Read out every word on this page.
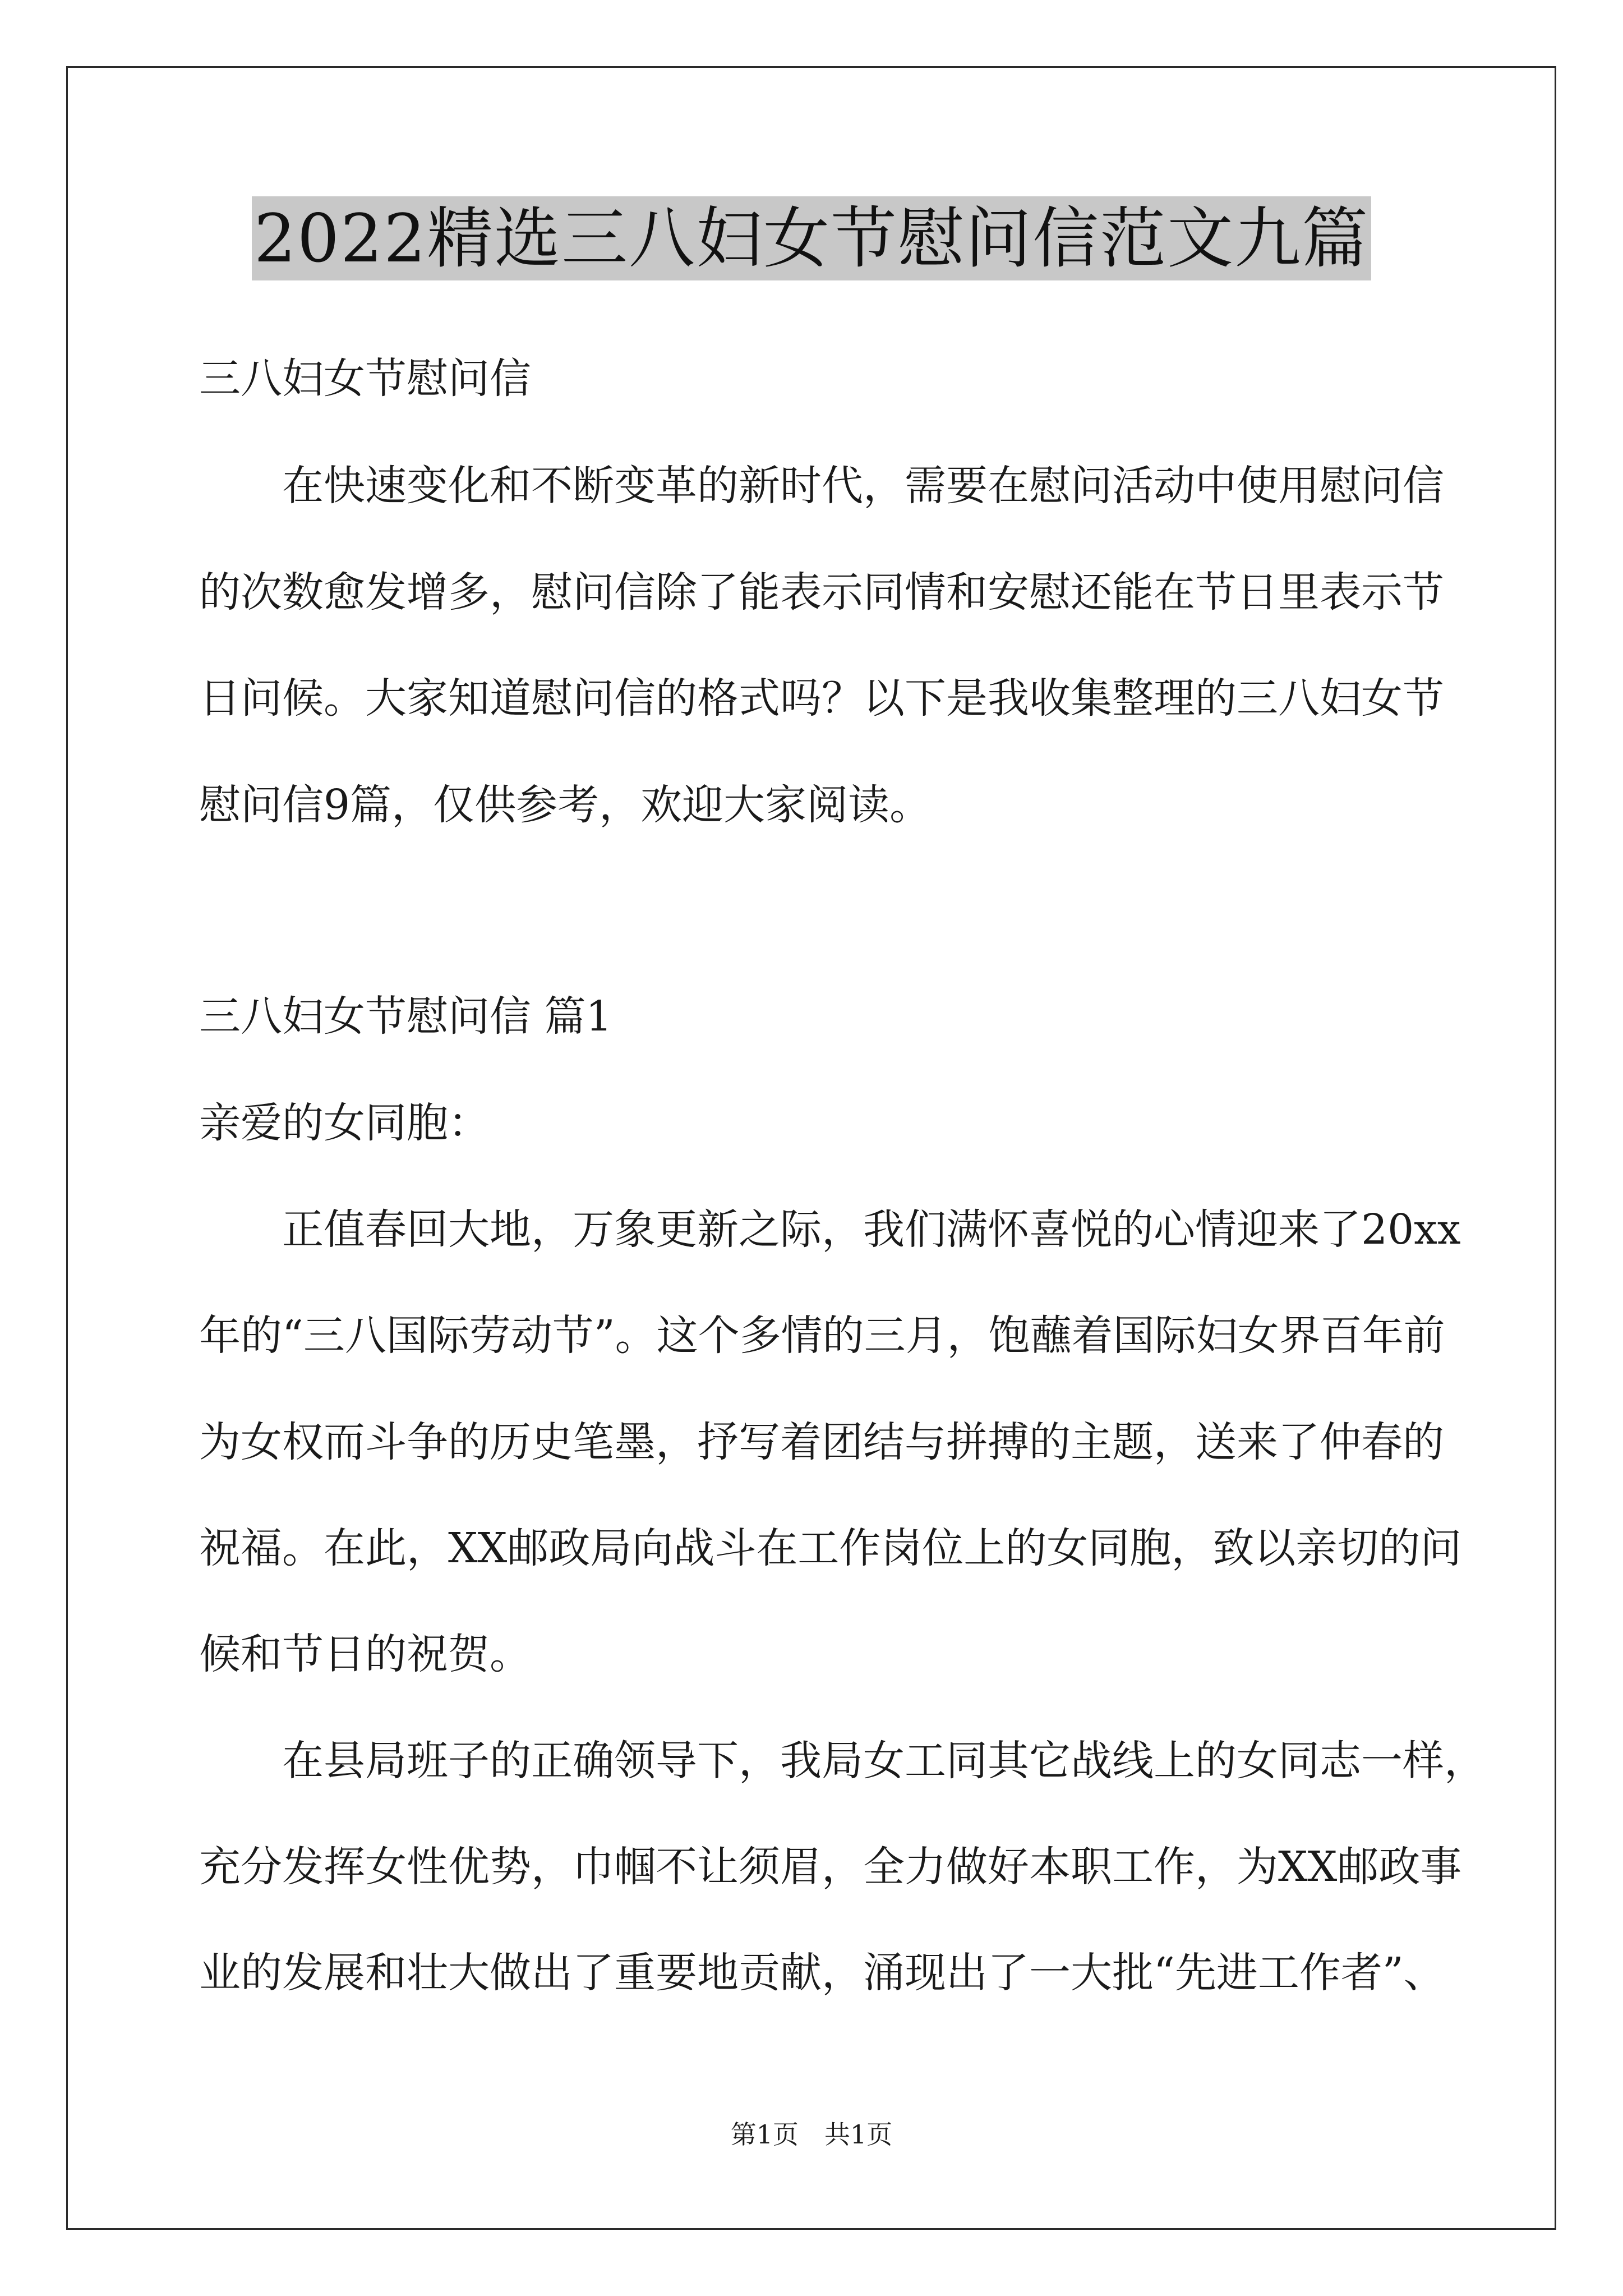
2022精选三八妇女节慰问信范文九篇
三八妇女节慰问信
在快速变化和不断变革的新时代，需要在慰问活动中使用慰问信
的次数愈发增多，慰问信除了能表示同情和安慰还能在节日里表示节
日问候。大家知道慰问信的格式吗？以下是我收集整理的三八妇女节
慰问信9篇，仅供参考，欢迎大家阅读。
三八妇女节慰问信 篇1
亲爱的女同胞：
正值春回大地，万象更新之际，我们满怀喜悦的心情迎来了20xx
年的“三八国际劳动节”。这个多情的三月，饱蘸着国际妇女界百年前
为女权而斗争的历史笔墨，抒写着团结与拼搏的主题，送来了仲春的
祝福。在此，XX邮政局向战斗在工作岗位上的女同胞，致以亲切的问
候和节日的祝贺。
在县局班子的正确领导下，我局女工同其它战线上的女同志一样，
充分发挥女性优势，巾帼不让须眉，全力做好本职工作，为XX邮政事
业的发展和壮大做出了重要地贡献，涌现出了一大批“先进工作者”、
第1页　共1页
